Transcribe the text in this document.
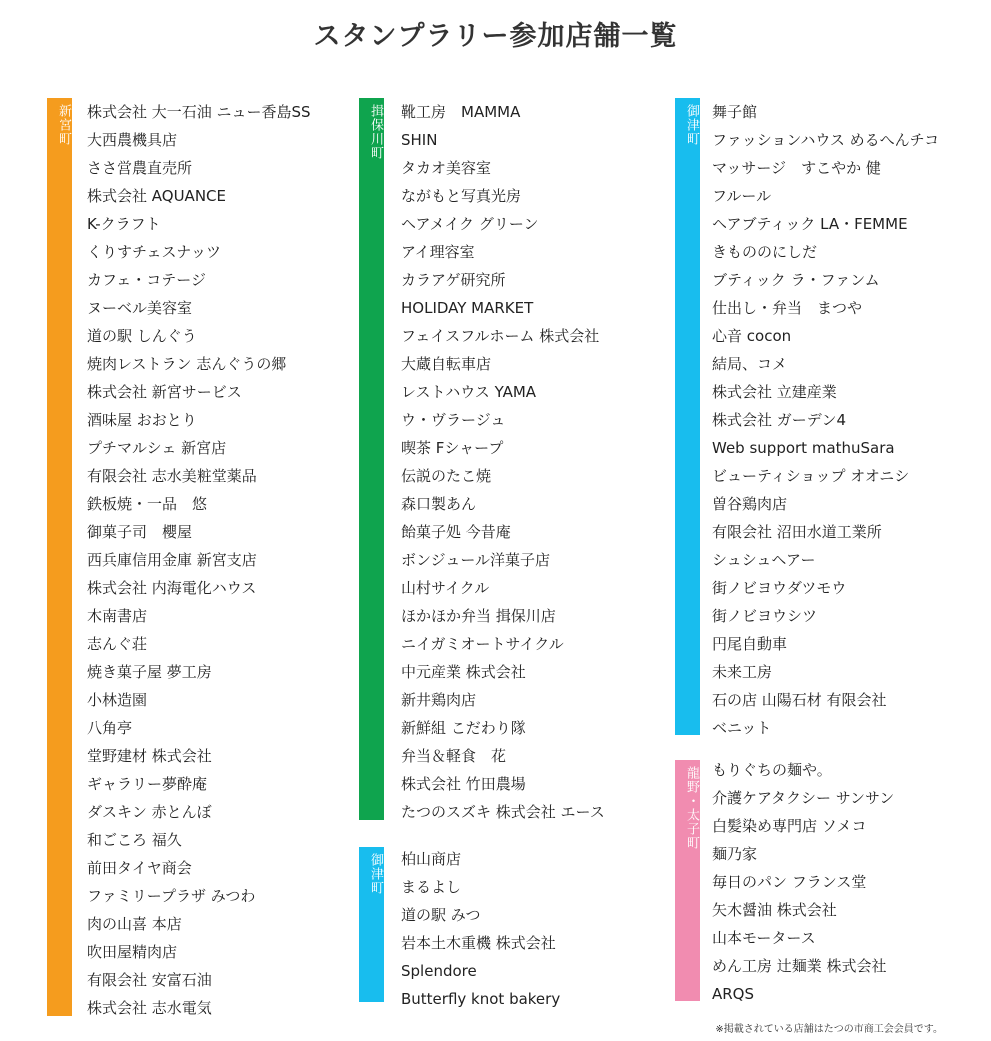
スタンプラリー参加店舗一覧
新宮町 株式会社 大一石油 ニュー香島SS
大西農機具店
ささ営農直売所
株式会社 AQUANCE
K-クラフト
くりすチェスナッツ
カフェ・コテージ
ヌーベル美容室
道の駅 しんぐう
焼肉レストラン 志んぐうの郷
株式会社 新宮サービス
酒味屋 おおとり
プチマルシェ 新宮店
有限会社 志水美粧堂薬品
鉄板焼・一品　悠
御菓子司　櫻屋
西兵庫信用金庫 新宮支店
株式会社 内海電化ハウス
木南書店
志んぐ荘
焼き菓子屋 夢工房
小林造園
八角亭
堂野建材 株式会社
ギャラリー夢酔庵
ダスキン 赤とんぼ
和ごころ 福久
前田タイヤ商会
ファミリープラザ みつわ
肉の山喜 本店
吹田屋精肉店
有限会社 安富石油
株式会社 志水電気
揖保川町 靴工房　MAMMA
SHIN
タカオ美容室
ながもと写真光房
ヘアメイク グリーン
アイ理容室
カラアゲ研究所
HOLIDAY MARKET
フェイスフルホーム 株式会社
大蔵自転車店
レストハウス YAMA
ウ・ヴラージュ
喫茶 Fシャープ
伝説のたこ焼
森口製あん
飴菓子処 今昔庵
ボンジュール洋菓子店
山村サイクル
ほかほか弁当 揖保川店
ニイガミオートサイクル
中元産業 株式会社
新井鶏肉店
新鮮組 こだわり隊
弁当＆軽食　花
株式会社 竹田農場
たつのスズキ 株式会社 エース
御津町 柏山商店
まるよし
道の駅 みつ
岩本土木重機 株式会社
Splendore
Butterfly knot bakery
御津町 舞子館
ファッションハウス めるへんチコ
マッサージ　すこやか 健
フルール
ヘアブティック LA・FEMME
きもののにしだ
ブティック ラ・ファンム
仕出し・弁当　まつや
心音 cocon
結局、コメ
株式会社 立建産業
株式会社 ガーデン4
Web support mathuSara
ビューティショップ オオニシ
曽谷鶏肉店
有限会社 沼田水道工業所
シュシュヘアー
街ノビヨウダツモウ
街ノビヨウシツ
円尾自動車
未来工房
石の店 山陽石材 有限会社
ベニット
龍野・太子町 もりぐちの麺や。
介護ケアタクシー サンサン
白髪染め専門店 ソメコ
麺乃家
毎日のパン フランス堂
矢木醤油 株式会社
山本モータース
めん工房 辻麺業 株式会社
ARQS
※掲載されている店舗はたつの市商工会会員です。
